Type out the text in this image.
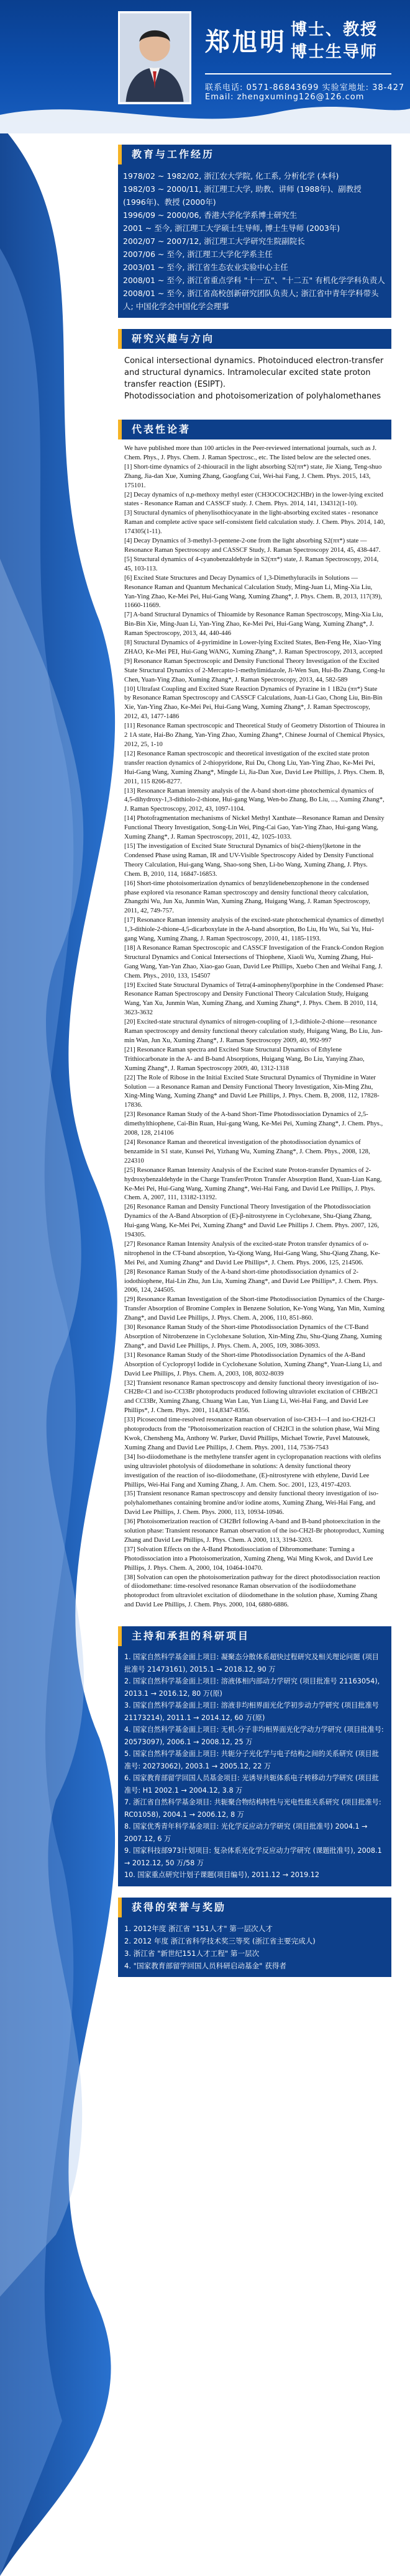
郑旭明 博士、教授
博士生导师
联系电话: 0571-86843699 实验室地址: 38-427
Email: zhengxuming126@126.com
教育与工作经历
1978/02 ~ 1982/02, 浙江农大学院, 化工系, 分析化学 (本科)
1982/03 ~ 2000/11, 浙江理工大学, 助教、讲师 (1988年)、副教授 (1996年)、教授 (2000年)
1996/09 ~ 2000/06, 香港大学化学系博士研究生
2001 ~ 至今, 浙江理工大学硕士生导师, 博士生导师 (2003年)
2002/07 ~ 2007/12, 浙江理工大学研究生院副院长
2007/06 ~ 至今, 浙江理工大学化学系主任
2003/01 ~ 至今, 浙江省生态农业实验中心主任
2008/01 ~ 至今, 浙江省重点学科 "十一五"、"十二五" 有机化学学科负责人
2008/01 ~ 至今, 浙江省高校创新研究团队负责人; 浙江省中青年学科带头人; 中国化学会中国化学会理事
研究兴趣与方向
Conical intersectional dynamics. Photoinduced electron-transfer and structural dynamics. Intramolecular excited state proton transfer reaction (ESIPT).
Photodissociation and photoisomerization of polyhalomethanes
代表性论著
We have published more than 100 articles in the Peer-reviewed international journals, such as J. Chem. Phys., J. Phys. Chem. J. Raman Spectrosc., etc. The listed below are the selected ones.
[1] Short-time dynamics of 2-thiouracil in the light absorbing S2(ππ*) state, Jie Xiang, Teng-shuo Zhang, Jia-dan Xue, Xuming Zhang, Gaogfang Cui, Wei-hai Fang, J. Chem. Phys. 2015, 143, 175101.
[2] Decay dynamics of n,p-methoxy methyl ester (CH3OCOCH2CHBr) in the lower-lying excited states - Resonance Raman and CASSCF study. J. Chem. Phys. 2014, 141, 134312(1-10).
[3] Structural dynamics of phenylisothiocyanate in the light-absorbing excited states - resonance Raman and complete active space self-consistent field calculation study. J. Chem. Phys. 2014, 140, 174305(1-11).
[4] Decay Dynamics of 3-methyl-3-pentene-2-one from the light absorbing S2(ππ*) state — Resonance Raman Spectroscopy and CASSCF Study, J. Raman Spectroscopy 2014, 45, 438-447.
[5] Structural dynamics of 4-cyanobenzaldehyde in S2(ππ*) state, J. Raman Spectroscopy, 2014, 45, 103-113.
[6] Excited State Structures and Decay Dynamics of 1,3-Dimethyluracils in Solutions — Resonance Raman and Quantum Mechanical Calculation Study, Ming-Juan Li, Ming-Xia Liu, Yan-Ying Zhao, Ke-Mei Pei, Hui-Gang Wang, Xuming Zhang*, J. Phys. Chem. B, 2013, 117(39), 11660-11669.
[7] A-band Structural Dynamics of Thioamide by Resonance Raman Spectroscopy, Ming-Xia Liu, Bin-Bin Xie, Ming-Juan Li, Yan-Ying Zhao, Ke-Mei Pei, Hui-Gang Wang, Xuming Zhang*, J. Raman Spectroscopy, 2013, 44, 440-446
[8] Structural Dynamics of 4-pyrimidine in Lower-lying Excited States, Ben-Feng He, Xiao-Ying ZHAO, Ke-Mei PEI, Hui-Gang WANG, Xuming Zhang*, J. Raman Spectroscopy, 2013, accepted
[9] Resonance Raman Spectroscopic and Density Functional Theory Investigation of the Excited State Structural Dynamics of 2-Mercapto-1-methylimidazole, Ji-Wen Sun, Hui-Bo Zhang, Cong-lu Chen, Yuan-Ying Zhao, Xuming Zhang*, J. Raman Spectroscopy, 2013, 44, 582-589
[10] Ultrafast Coupling and Excited State Reaction Dynamics of Pyrazine in 1 1B2u (ππ*) State by Resonance Raman Spectroscopy and CASSCF Calculations, Juan-Li Gao, Chong Liu, Bin-Bin Xie, Yan-Ying Zhao, Ke-Mei Pei, Hui-Gang Wang, Xuming Zhang*, J. Raman Spectroscopy, 2012, 43, 1477-1486
[11] Resonance Raman spectroscopic and Theoretical Study of Geometry Distortion of Thiourea in 2 1A state, Hai-Bo Zhang, Yan-Ying Zhao, Xuming Zhang*, Chinese Journal of Chemical Physics, 2012, 25, 1-10
[12] Resonance Raman spectroscopic and theoretical investigation of the excited state proton transfer reaction dynamics of 2-thiopyridone, Rui Du, Chong Liu, Yan-Ying Zhao, Ke-Mei Pei, Hui-Gang Wang, Xuming Zhang*, Mingde Li, Jia-Dan Xue, David Lee Phillips, J. Phys. Chem. B, 2011, 115 8266-8277.
[13] Resonance Raman intensity analysis of the A-band short-time photochemical dynamics of 4,5-dihydroxy-1,3-dithiolo-2-thione, Hui-gang Wang, Wen-bo Zhang, Bo Liu, ..., Xuming Zhang*, J. Raman Spectroscopy, 2012, 43, 1097-1104.
[14] Photofragmentation mechanisms of Nickel Methyl Xanthate—Resonance Raman and Density Functional Theory Investigation, Song-Lin Wei, Ping-Cai Gao, Yan-Ying Zhao, Hui-gang Wang, Xuming Zhang*, J. Raman Spectroscopy, 2011, 42, 1025-1033.
[15] The investigation of Excited State Structural Dynamics of bis(2-thienyl)ketone in the Condensed Phase using Raman, IR and UV-Visible Spectroscopy Aided by Density Functional Theory Calculation, Hui-gang Wang, Shao-song Shen, Li-bo Wang, Xuming Zhang, J. Phys. Chem. B, 2010, 114, 16847-16853.
[16] Short-time photoisomerization dynamics of benzylidenebenzophenone in the condensed phase explored via resonance Raman spectroscopy and density functional theory calculation, Zhangzhi Wu, Jun Xu, Junmin Wan, Xuming Zhang, Huigang Wang, J. Raman Spectroscopy, 2011, 42, 749-757.
[17] Resonance Raman intensity analysis of the excited-state photochemical dynamics of dimethyl 1,3-dithiole-2-thione-4,5-dicarboxylate in the A-band absorption, Bo Liu, Hu Wu, Sai Yu, Hui-gang Wang, Xuming Zhang, J. Raman Spectroscopy, 2010, 41, 1185-1193.
[18] A Resonance Raman Spectroscopic and CASSCF Investigation of the Franck-Condon Region Structural Dynamics and Conical Intersections of Thiophene, Xiaoli Wu, Xuming Zhang, Hui-Gang Wang, Yan-Yan Zhao, Xiao-gao Guan, David Lee Phillips, Xuebo Chen and Weihai Fang, J. Chem. Phys., 2010, 133, 154507
[19] Excited State Structural Dynamics of Tetra(4-aminophenyl)porphine in the Condensed Phase: Resonance Raman Spectroscopy and Density Functional Theory Calculation Study, Huigang Wang, Yan Xu, Junmin Wan, Xuming Zhang, and Xuming Zhang*, J. Phys. Chem. B 2010, 114, 3623-3632
[20] Excited-state structural dynamics of nitrogen-coupling of 1,3-dithiole-2-thione—resonance Raman spectroscopy and density functional theory calculation study, Huigang Wang, Bo Liu, Jun-min Wan, Jun Xu, Xuming Zhang*, J. Raman Spectroscopy 2009, 40, 992-997
[21] Resonance Raman spectra and Excited State Structural Dynamics of Ethylene Trithiocarbonate in the A- and B-band Absorptions, Huigang Wang, Bo Liu, Yanying Zhao, Xuming Zhang*, J. Raman Spectroscopy 2009, 40, 1312-1318
[22] The Role of Ribose in the Initial Excited State Structural Dynamics of Thymidine in Water Solution — a Resonance Raman and Density Functional Theory Investigation, Xin-Ming Zhu, Xing-Ming Wang, Xuming Zhang* and David Lee Phillips, J. Phys. Chem. B, 2008, 112, 17828-17836.
[23] Resonance Raman Study of the A-band Short-Time Photodissociation Dynamics of 2,5-dimethylthiophene, Cai-Bin Ruan, Hui-gang Wang, Ke-Mei Pei, Xuming Zhang*, J. Chem. Phys., 2008, 128, 214106
[24] Resonance Raman and theoretical investigation of the photodissociation dynamics of benzamide in S1 state, Kunsei Pei, Yizhang Wu, Xuming Zhang*, J. Chem. Phys., 2008, 128, 224310
[25] Resonance Raman Intensity Analysis of the Excited state Proton-transfer Dynamics of 2-hydroxybenzaldehyde in the Charge Transfer/Proton Transfer Absorption Band, Xuan-Lian Kang, Ke-Mei Pei, Hui-Gang Wang, Xuming Zhang*, Wei-Hai Fang, and David Lee Phillips, J. Phys. Chem. A, 2007, 111, 13182-13192.
[26] Resonance Raman and Density Functional Theory Investigation of the Photodissociation Dynamics of the A-Band Absorption of (E)-β-nitrostyrene in Cyclohexane, Shu-Qiang Zhang, Hui-gang Wang, Ke-Mei Pei, Xuming Zhang* and David Lee Phillips J. Chem. Phys. 2007, 126, 194305.
[27] Resonance Raman Intensity Analysis of the excited-state Proton transfer dynamics of o-nitrophenol in the CT-band absorption, Ya-Qiong Wang, Hui-Gang Wang, Shu-Qiang Zhang, Ke-Mei Pei, and Xuming Zhang* and David Lee Phillips*, J. Chem. Phys. 2006, 125, 214506.
[28] Resonance Raman Study of the A-band short-time photodissociation dynamics of 2-iodothiophene, Hai-Lin Zhu, Jun Liu, Xuming Zhang*, and David Lee Phillips*, J. Chem. Phys. 2006, 124, 244505.
[29] Resonance Raman Investigation of the Short-time Photodissociation Dynamics of the Charge-Transfer Absorption of Bromine Complex in Benzene Solution, Ke-Yong Wang, Yan Min, Xuming Zhang*, and David Lee Phillips, J. Phys. Chem. A, 2006, 110, 851-860.
[30] Resonance Raman Study of the Short-time Photodissociation Dynamics of the CT-Band Absorption of Nitrobenzene in Cyclohexane Solution, Xin-Ming Zhu, Shu-Qiang Zhang, Xuming Zhang*, and David Lee Phillips, J. Phys. Chem. A, 2005, 109, 3086-3093.
[31] Resonance Raman Study of the Short-time Photodissociation Dynamics of the A-Band Absorption of Cyclopropyl Iodide in Cyclohexane Solution, Xuming Zhang*, Yuan-Liang Li, and David Lee Phillips, J. Phys. Chem. A, 2003, 108, 8032-8039
[32] Transient resonance Raman spectroscopy and density functional theory investigation of iso-CH2Br-Cl and iso-CCl3Br photoproducts produced following ultraviolet excitation of CHBr2Cl and CCl3Br, Xuming Zhang, Chuang Wan Lau, Yun Liang Li, Wei-Hai Fang, and David Lee Phillips*, J. Chem. Phys. 2001, 114,8347-8356.
[33] Picosecond time-resolved resonance Raman observation of iso-CH3-I—I and iso-CH2I-Cl photoproducts from the "Photoisomerization reaction of CH2ICl in the solution phase, Wai Ming Kwok, Chensheng Ma, Anthony W. Parker, David Phillips, Michael Towrie, Pavel Matousek, Xuming Zhang and David Lee Phillips, J. Chem. Phys. 2001, 114, 7536-7543
[34] Iso-diiodomethane is the methylene transfer agent in cyclopropanation reactions with olefins using ultraviolet photolysis of diiodomethane in solutions: A density functional theory investigation of the reaction of iso-diiodomethane, (E)-nitrostyrene with ethylene, David Lee Phillips, Wei-Hai Fang and Xuming Zhang, J. Am. Chem. Soc. 2001, 123, 4197-4203.
[35] Transient resonance Raman spectroscopy and density functional theory investigation of iso-polyhalomethanes containing bromine and/or iodine atoms, Xuming Zhang, Wei-Hai Fang, and David Lee Phillips, J. Chem. Phys. 2000, 113, 10934-10946.
[36] Photoisomerization reaction of CH2BrI following A-band and B-band photoexcitation in the solution phase: Transient resonance Raman observation of the iso-CH2I-Br photoproduct, Xuming Zhang and David Lee Phillips, J. Phys. Chem. A 2000, 113, 3194-3203.
[37] Solvation Effects on the A-Band Photodissociation of Dibromomethane: Turning a Photodissociation into a Photoisomerization, Xuming Zheng, Wai Ming Kwok, and David Lee Phillips, J. Phys. Chem. A, 2000, 104, 10464-10470.
[38] Solvation can open the photoisomerization pathway for the direct photodissociation reaction of diiodomethane: time-resolved resonance Raman observation of the isodiiodomethane photoproduct from ultraviolet excitation of diiodomethane in the solution phase, Xuming Zhang and David Lee Phillips, J. Chem. Phys. 2000, 104, 6880-6886.
主持和承担的科研项目
1. 国家自然科学基金面上项目: 凝聚态分散体系超快过程研究及相关理论问题 (项目批准号 21473161), 2015.1 → 2018.12, 90 万
2. 国家自然科学基金面上项目: 溶液体相内部动力学研究 (项目批准号 21163054), 2013.1 → 2016.12, 80 万(原)
3. 国家自然科学基金面上项目: 溶液非均相界面光化学初步动力学研究 (项目批准号 21173214), 2011.1 → 2014.12, 60 万(原)
4. 国家自然科学基金面上项目: 无机-分子非均相界面光化学动力学研究 (项目批准号: 20573097), 2006.1 → 2008.12, 25 万
5. 国家自然科学基金面上项目: 共轭分子光化学与电子结构之间的关系研究 (项目批准号: 20273062), 2003.1 → 2005.12, 22 万
6. 国家教育部留学回国人员基金项目: 光诱导共轭体系电子转移动力学研究 (项目批准号: H1 2002.1 → 2004.12, 3.8 万
7. 浙江省自然科学基金项目: 共轭聚合物结构特性与光电性能关系研究 (项目批准号: RC01058), 2004.1 → 2006.12, 8 万
8. 国家优秀青年科学基金项目: 光化学反应动力学研究 (项目批准号) 2004.1 → 2007.12, 6 万
9. 国家科技部973计划项目: 复杂体系光化学反应动力学研究 (课题批准号), 2008.1 → 2012.12, 50 万/58 万
10. 国家重点研究计划子课题(项目编号), 2011.12 → 2019.12
获得的荣誉与奖励
1. 2012年度 浙江省 "151人才" 第一层次人才
2. 2012 年度 浙江省科学技术奖三等奖 (浙江省主要完成人)
3. 浙江省 "新世纪151人才工程" 第一层次
4. "国家教育部留学回国人员科研启动基金" 获得者
